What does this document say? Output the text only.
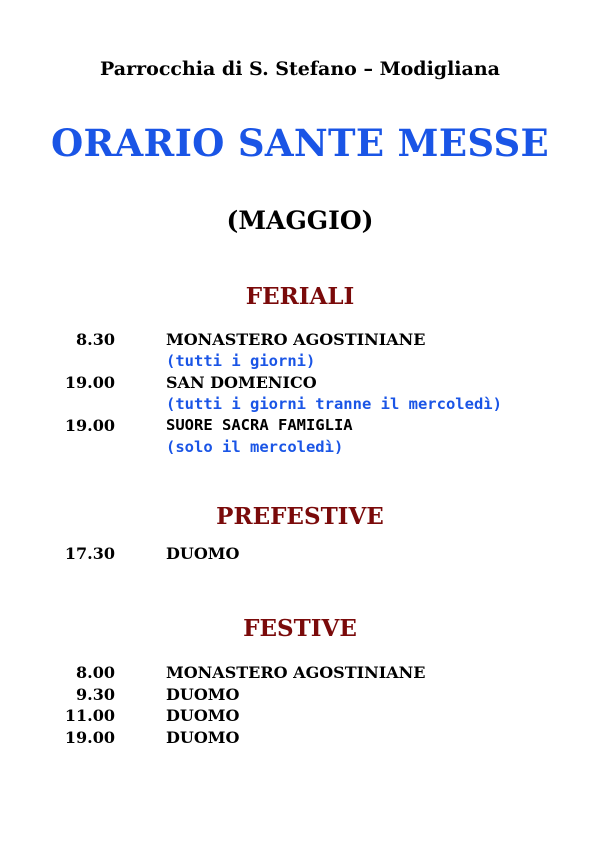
Parrocchia di S. Stefano – Modigliana
ORARIO SANTE MESSE
(MAGGIO)
FERIALI
8.30	MONASTERO AGOSTINIANE
(tutti i giorni)
19.00	SAN DOMENICO
(tutti i giorni tranne il mercoledì)
19.00	SUORE SACRA FAMIGLIA
(solo il mercoledì)
PREFESTIVE
17.30	DUOMO
FESTIVE
8.00	MONASTERO AGOSTINIANE
9.30	DUOMO
11.00	DUOMO
19.00	DUOMO
